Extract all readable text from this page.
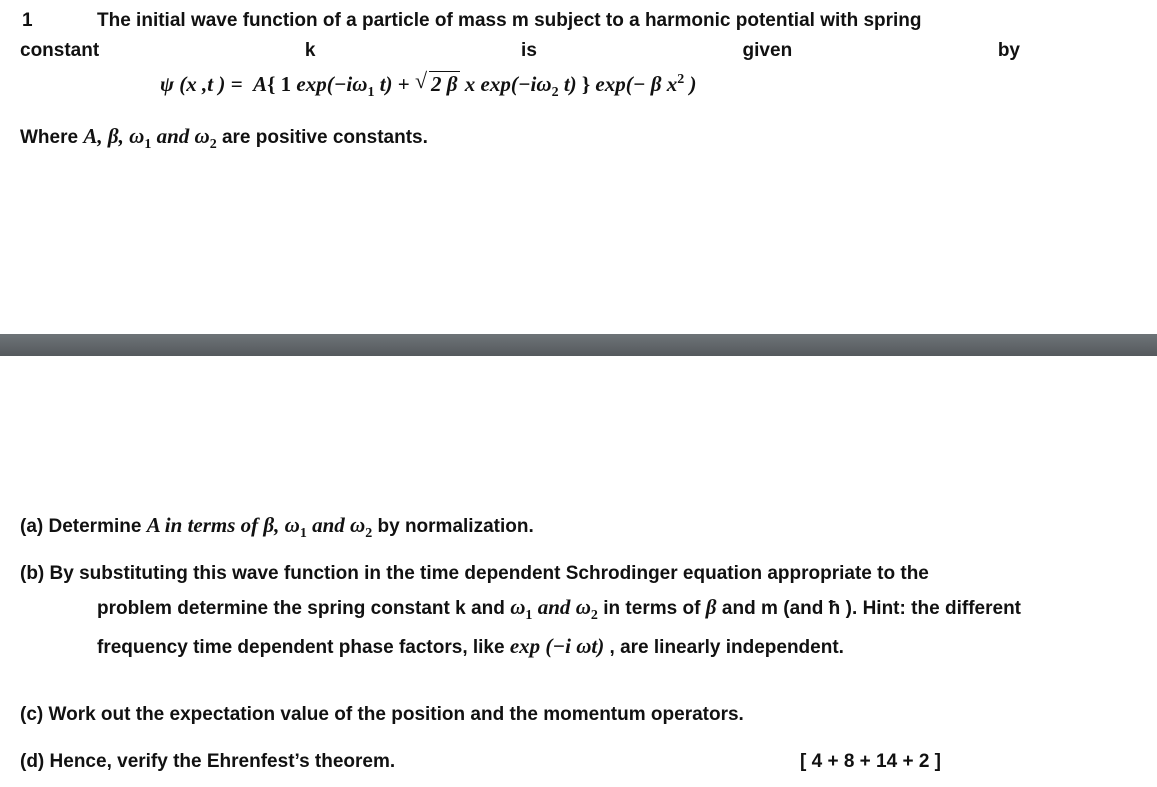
1	The initial wave function of a particle of mass m subject to a harmonic potential with spring
constant	k	is	given	by
ψ (x ,t ) = A{ 1 $\exp(-i\omega_1$ t) + √ 2 β x $\exp(-i\omega_2$ t) } exp(− β $x^2$ )
Where A, β, $\omega_1$ and $\omega_2$ are positive constants.
(a) Determine A in terms of β, $\omega_1$ and $\omega_2$ by normalization.
(b) By substituting this wave function in the time dependent Schrodinger equation appropriate to the
problem determine the spring constant k and $\omega_1$ and $\omega_2$ in terms of β and m (and ħ ). Hint: the different frequency time dependent phase factors, like exp (−i ωt) , are linearly independent.
(c) Work out the expectation value of the position and the momentum operators.
(d) Hence, verify the Ehrenfest’s theorem.	[ 4 + 8 + 14 + 2 ]
